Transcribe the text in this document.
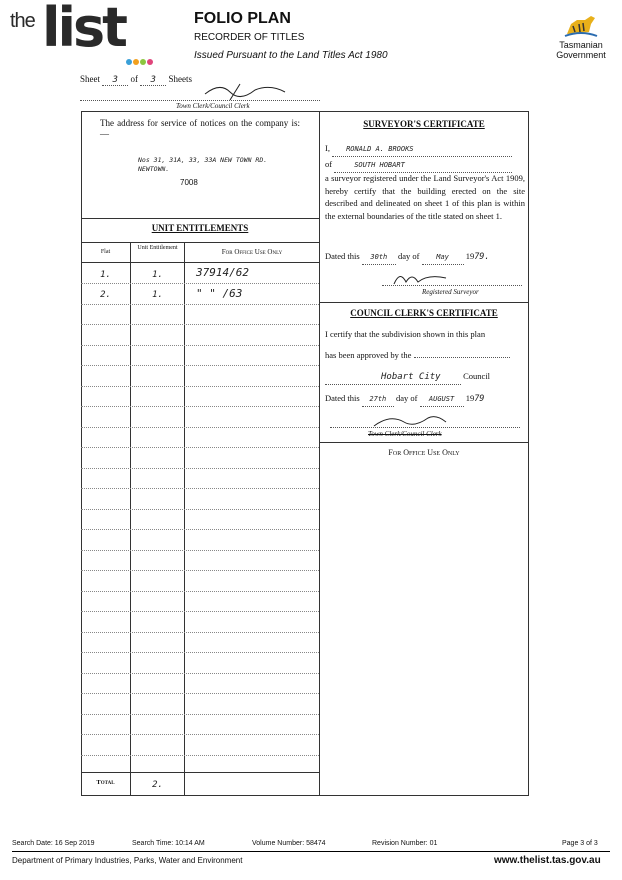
the list	FOLIO PLAN
RECORDER OF TITLES
Issued Pursuant to the Land Titles Act 1980
Tasmanian
Government
Sheet 3 of 3 Sheets
Town Clerk/Council Clerk
The address for service of notices on the company is:—
Nos 31, 31A, 33, 33A NEW TOWN RD. NEWTOWN.
7008
UNIT ENTITLEMENTS
Flat
Unit Entitlement	For Office Use Only
1.	1.	37914/62
2.	1.	" " /63
Total	2.
SURVEYOR'S CERTIFICATE
I, RONALD A. BROOKS
of	SOUTH HOBART
a surveyor registered under the Land Surveyor's Act 1909, hereby certify that the building erected on the site described and delineated on sheet 1 of this plan is within the external boundaries of the title stated on sheet 1.
Dated this 30th day of May 1979.
Registered Surveyor
COUNCIL CLERK'S CERTIFICATE
I certify that the subdivision shown in this plan
has been approved by the
Hobart City	Council
Dated this 27th day of AUGUST 1979
Town Clerk/Council Clerk
For Office Use Only
Search Date: 16 Sep 2019	Search Time: 10:14 AM	Volume Number: 58474	Revision Number: 01	Page 3 of 3
Department of Primary Industries, Parks, Water and Environment	www.thelist.tas.gov.au
